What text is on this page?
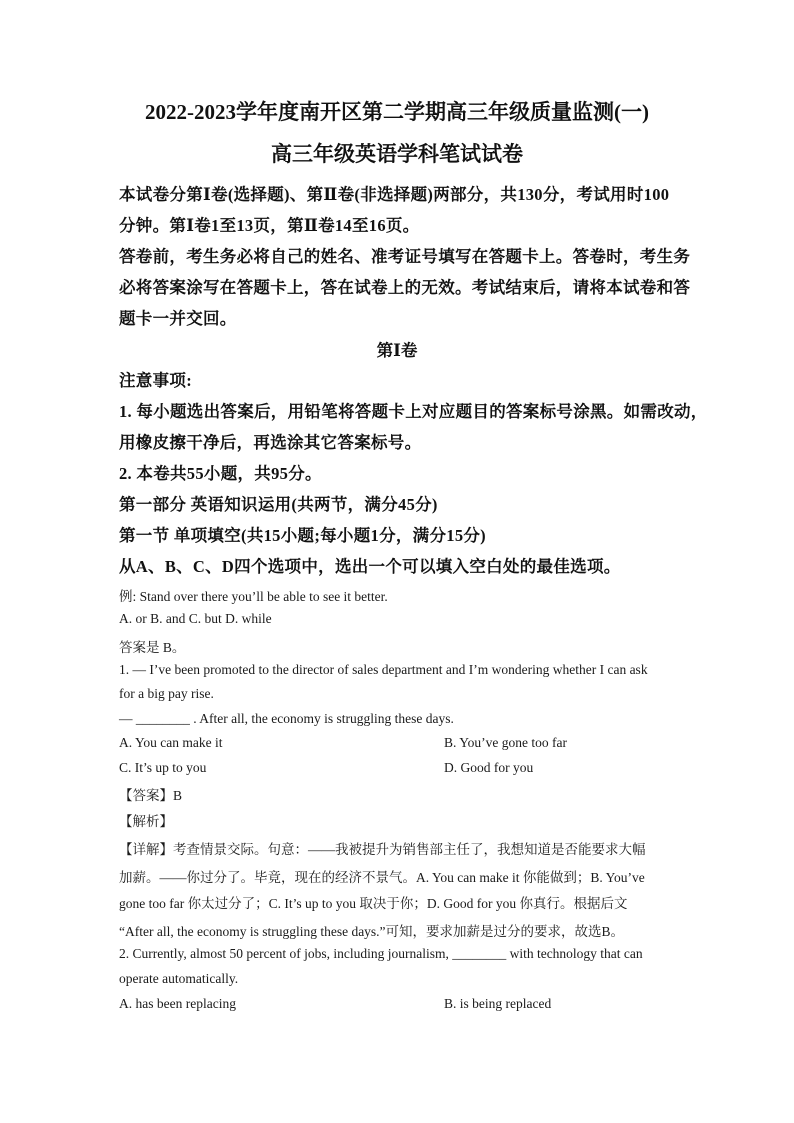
2022-2023学年度南开区第二学期高三年级质量监测(一)
高三年级英语学科笔试试卷
本试卷分第Ⅰ卷(选择题)、第Ⅱ卷(非选择题)两部分，共130分，考试用时100
分钟。第Ⅰ卷1至13页，第Ⅱ卷14至16页。
答卷前，考生务必将自己的姓名、准考证号填写在答题卡上。答卷时，考生务
必将答案涂写在答题卡上，答在试卷上的无效。考试结束后，请将本试卷和答
题卡一并交回。
第Ⅰ卷
注意事项:
1. 每小题选出答案后，用铅笔将答题卡上对应题目的答案标号涂黑。如需改动，
用橡皮擦干净后，再选涂其它答案标号。
2. 本卷共55小题，共95分。
第一部分 英语知识运用(共两节，满分45分)
第一节 单项填空(共15小题;每小题1分，满分15分)
从A、B、C、D四个选项中，选出一个可以填入空白处的最佳选项。
例: Stand over there you’ll be able to see it better.
A. or B. and C. but D. while
答案是 B。
1. — I’ve been promoted to the director of sales department and I’m wondering whether I can ask
for a big pay rise.
— ________ . After all, the economy is struggling these days.
A. You can make it	B. You’ve gone too far
C. It’s up to you	D. Good for you
【答案】B
【解析】
【详解】考查情景交际。句意：——我被提升为销售部主任了，我想知道是否能要求大幅
加薪。——你过分了。毕竟，现在的经济不景气。A. You can make it 你能做到；B. You’ve
gone too far 你太过分了；C. It’s up to you 取决于你；D. Good for you 你真行。根据后文
“After all, the economy is struggling these days.”可知，要求加薪是过分的要求，故选B。
2. Currently, almost 50 percent of jobs, including journalism, ________ with technology that can
operate automatically.
A. has been replacing	B. is being replaced
